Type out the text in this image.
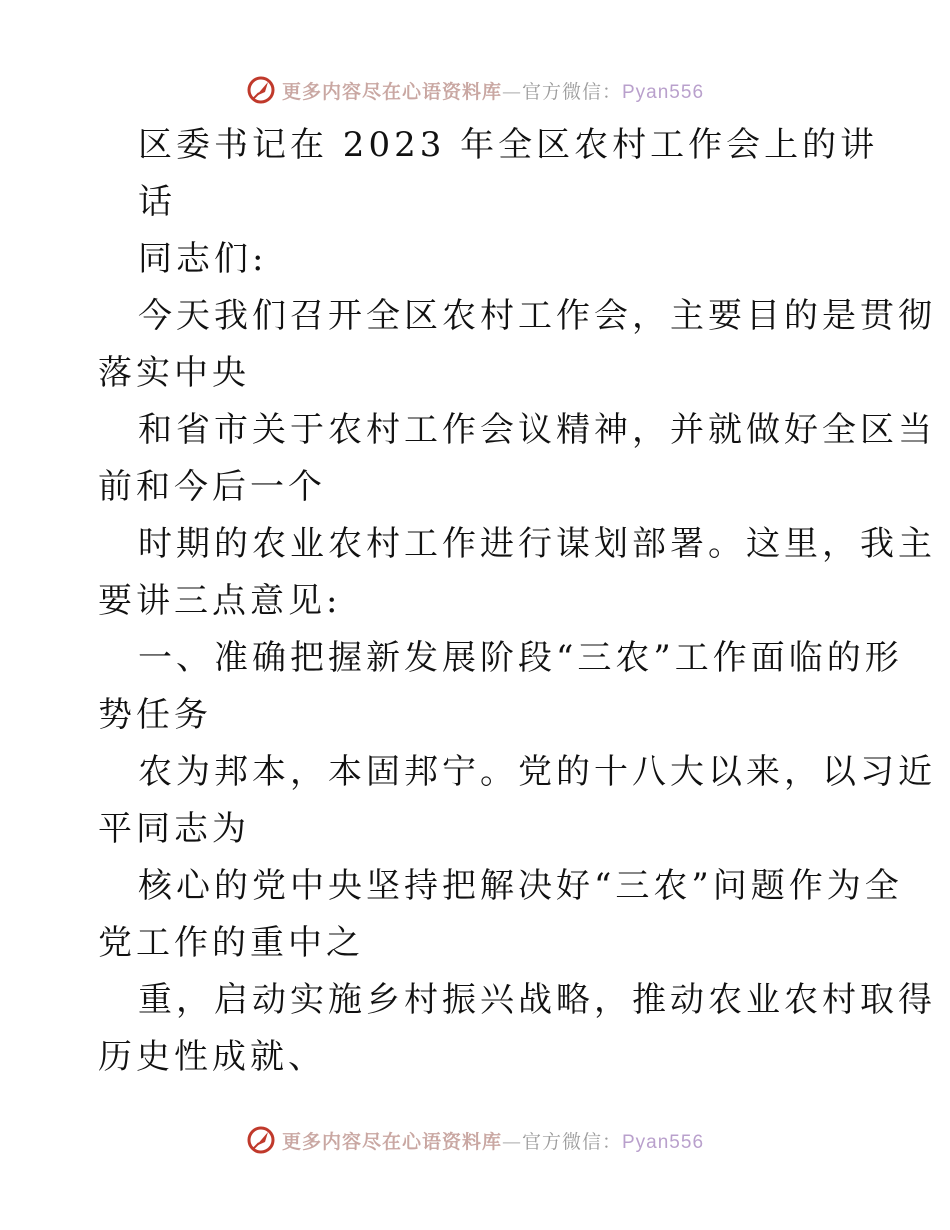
更多内容尽在心语资料库—官方微信：Pyan556
区委书记在 2023 年全区农村工作会上的讲
话
同志们:
今天我们召开全区农村工作会，主要目的是贯彻
落实中央
和省市关于农村工作会议精神，并就做好全区当
前和今后一个
时期的农业农村工作进行谋划部署。这里，我主
要讲三点意见:
一、准确把握新发展阶段“三农”工作面临的形
势任务
农为邦本，本固邦宁。党的十八大以来，以习近
平同志为
核心的党中央坚持把解决好“三农”问题作为全
党工作的重中之
重，启动实施乡村振兴战略，推动农业农村取得
历史性成就、
更多内容尽在心语资料库—官方微信：Pyan556
